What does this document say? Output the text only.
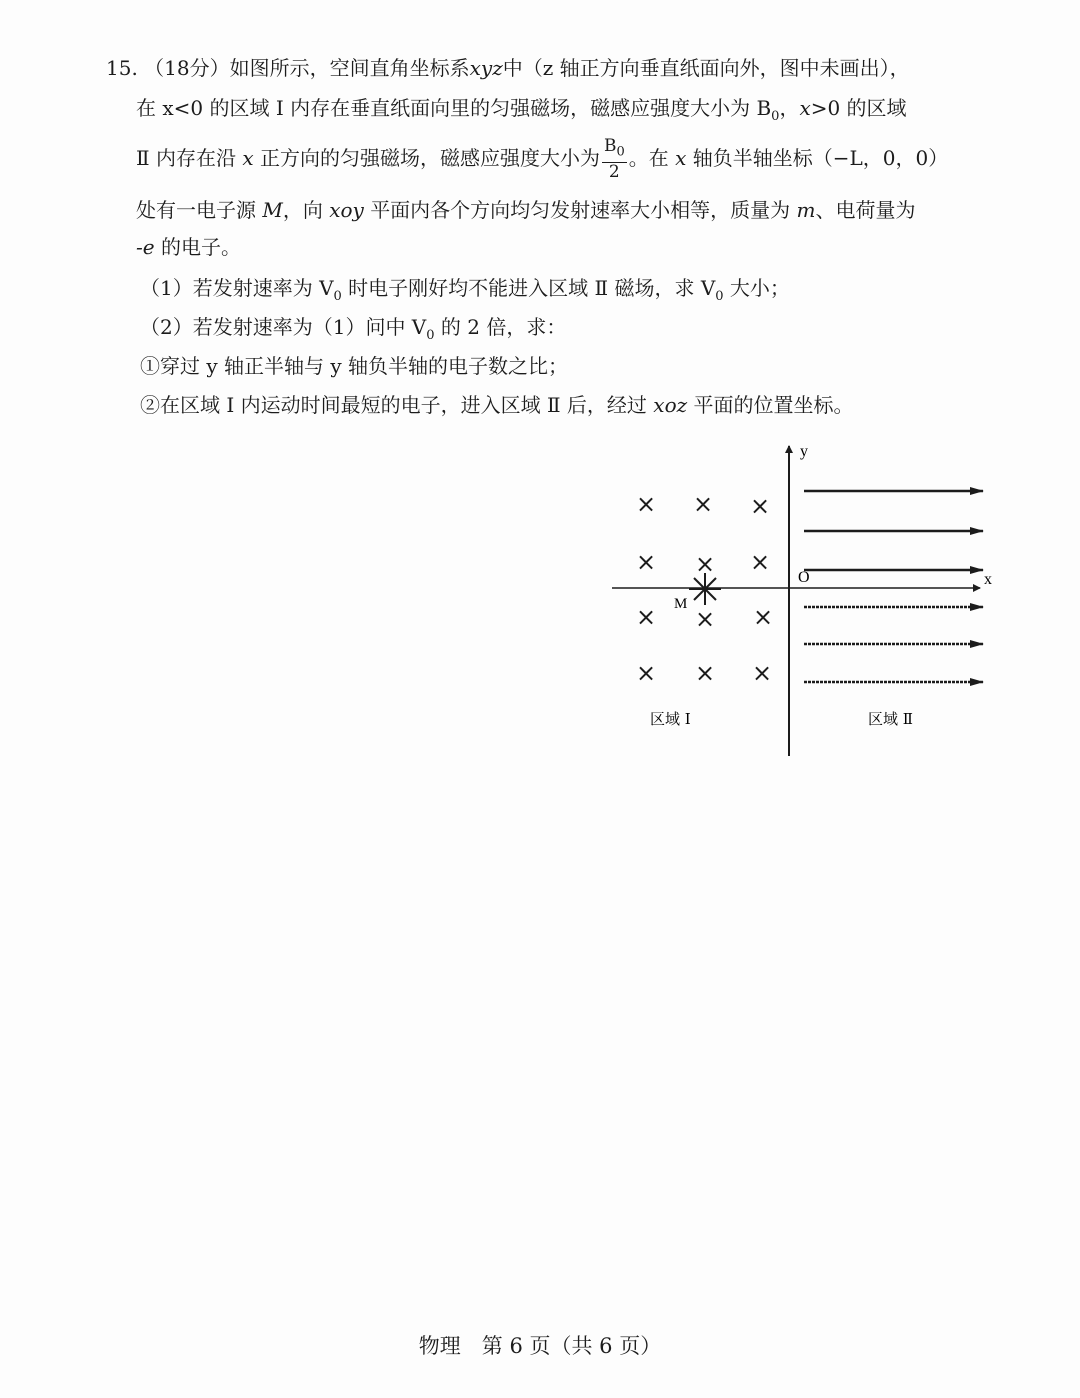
15. （18分）如图所示，空间直角坐标系xyz中（z 轴正方向垂直纸面向外，图中未画出），
在 x<0 的区域 Ⅰ 内存在垂直纸面向里的匀强磁场，磁感应强度大小为 $B_0$，x>0 的区域
Ⅱ 内存在沿 x 正方向的匀强磁场，磁感应强度大小为 $\frac{B_0}{2}$ 。在 x 轴负半轴坐标（−L，0，0）
处有一电子源 M，向 xoy 平面内各个方向均匀发射速率大小相等，质量为 m、电荷量为
-e 的电子。
（1）若发射速率为 $V_0$ 时电子刚好均不能进入区域 Ⅱ 磁场，求 $V_0$ 大小；
（2）若发射速率为（1）问中 $V_0$ 的 2 倍，求：
①穿过 y 轴正半轴与 y 轴负半轴的电子数之比；
②在区域 Ⅰ 内运动时间最短的电子，进入区域 Ⅱ 后，经过 xoz 平面的位置坐标。
y
x
O
× × ×
× × ×
× × ×
× × ×
M
区域 Ⅰ	区域 Ⅱ
物理　第 6 页（共 6 页）
